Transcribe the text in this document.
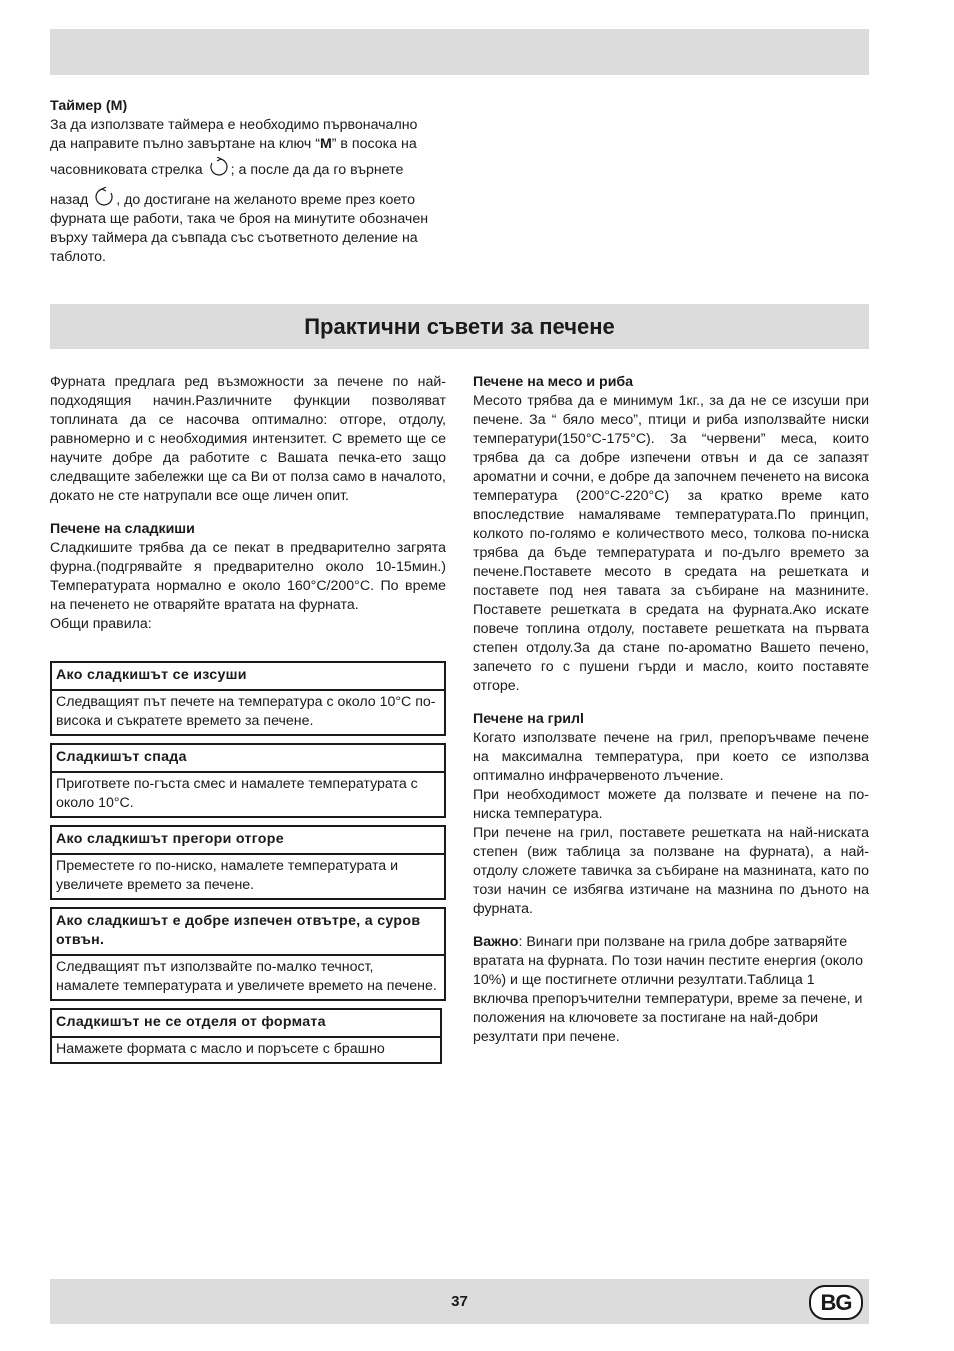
Таймер (М)

За да използвате таймера е необходимо първоначално

да направите пълно завъртане на ключ “М” в посока на

часовниковата стрелка ; а после да да го върнете

назад , до достигане на желаното време през което

фурната ще работи, така че броя на минутите обозначен

върху таймера да съвпада със съответното деление на

таблото.

Практични съвети за печене

Фурната предлага ред възможности за печене по най-подходящия начин.Различните функции позволяват топлината да се насочва оптимално: отгоре, отдолу, равномерно и с необходимия интензитет. С времето ще се научите добре да работите с Вашата печка-ето защо следващите забележки ще са Ви от полза само в началото, докато не сте натрупали все още личен опит.

Печене на сладкиши

Сладкишите трябва да се пекат в предварително загрята фурна.(подгрявайте я предварително около 10-15мин.) Температурата нормално е около 160°С/200°С. По време на печенето не отваряйте вратата на фурната.

Общи правила:

Ако сладкишът се изсуши
Следващият път печете на температура с около 10°С по-висока и съкратете времето за печене.
Сладкишът спада
Пригответе по-гъста смес и намалете температурата с около 10°С.
Ако сладкишът прегори отгоре
Преместете го по-ниско, намалете температурата и увеличете времето за печене.
Ако сладкишът е добре изпечен отвътре, а суров отвън.
Следващият път използвайте по-малко течност, намалете температурата и увеличете времето на печене.
Сладкишът не се отделя от формата
Намажете формата с масло и поръсете с брашно

Печене на месо и риба

Месото трябва да е минимум 1кг., за да не се изсуши при печене. За “ бяло месо”, птици и риба използвайте ниски температури(150°С-175°С). За “червени” меса, които трябва да са добре изпечени отвън и да се запазят ароматни и сочни, е добре да започнем печенето на висока температура (200°С-220°С) за кратко време като впоследствие намаляваме температурата.По принцип, колкото по-голямо е количеството месо, толкова по-ниска трябва да бъде температурата и по-дълго времето за печене.Поставете месото в средата на решетката и поставете под нея тавата за събиране на мазнините. Поставете решетката в средата на фурната.Ако искате повече топлина отдолу, поставете решетката на първата степен отдолу.За да стане по-ароматно Вашето печено, запечето го с пушени гърди и масло, които поставяте отгоре.

Печене на грилl

Когато използвате печене на грил, препоръчваме печене на максимална температура, при което се използва оптимално инфрачервеното лъчение.

При необходимост можете да ползвате и печене на по-ниска температура.

При печене на грил, поставете решетката на най-ниската степен (виж таблица за ползване на фурната), а най-отдолу сложете тавичка за събиране на мазнината, като по този начин се избягва изтичане на мазнина по дъното на фурната.

Важно: Винаги при ползване на грила добре затваряйте вратата на фурната. По този начин пестите енергия (около 10%) и ще постигнете отлични резултати.Таблица 1 включва препоръчителни температури, време за печене, и положения на ключовете за постигане на най-добри резултати при печене.

37	BG
